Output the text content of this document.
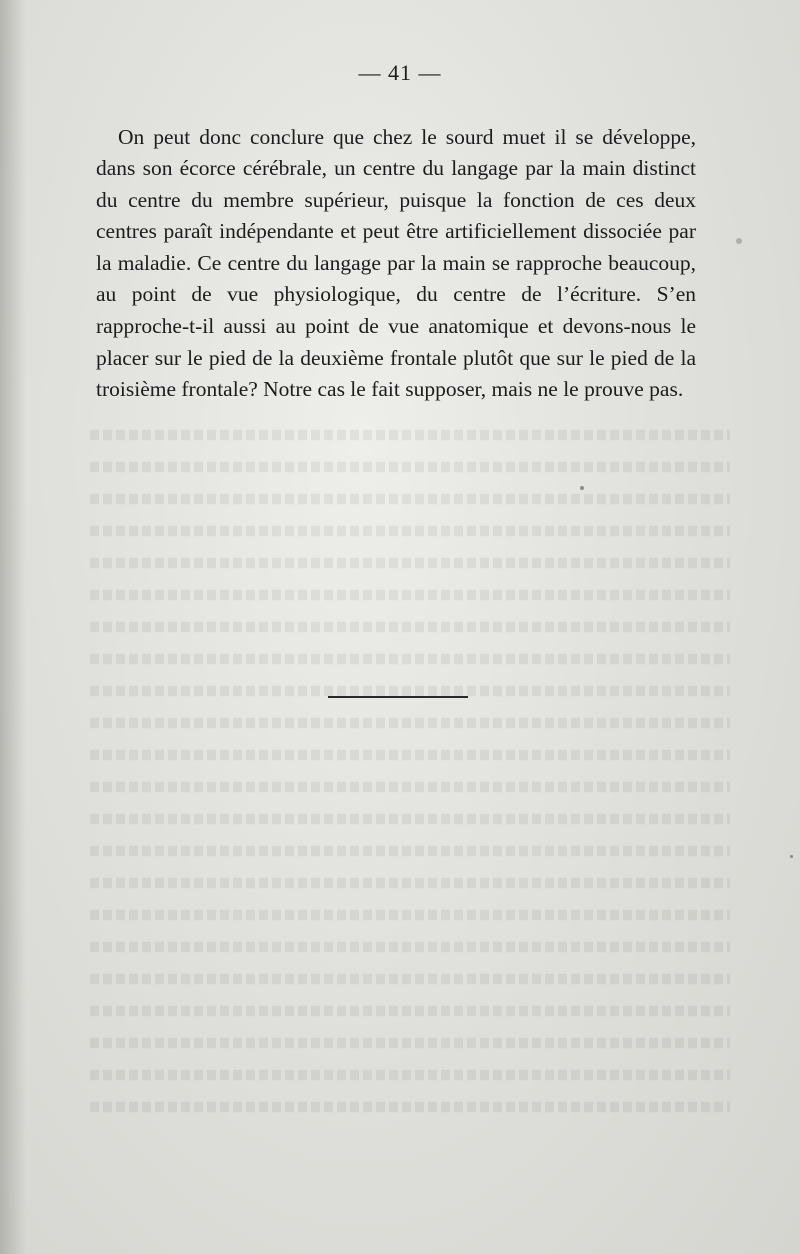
— 41 —

On peut donc conclure que chez le sourd muet il se développe, dans son écorce cérébrale, un centre du langage par la main distinct du centre du membre supérieur, puisque la fonction de ces deux centres paraît indépendante et peut être artificiellement dissociée par la maladie. Ce centre du langage par la main se rapproche beaucoup, au point de vue physiologique, du centre de l’écriture. S’en rapproche-t-il aussi au point de vue anatomique et devons-nous le placer sur le pied de la deuxième frontale plutôt que sur le pied de la troisième frontale? Notre cas le fait supposer, mais ne le prouve pas.
